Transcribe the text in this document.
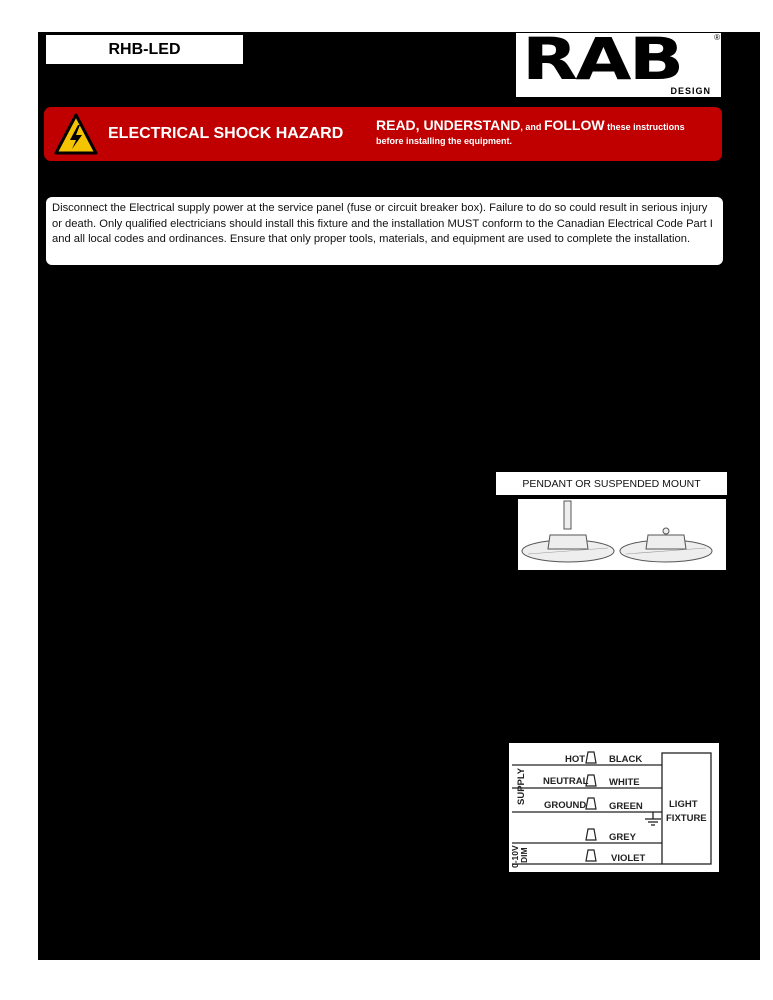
RHB-LED	RAB	®
DESIGN
ELECTRICAL SHOCK HAZARD READ, UNDERSTAND, and FOLLOW these instructions
before installing the equipment.
Disconnect the Electrical supply power at the service panel (fuse or circuit breaker box). Failure to do so could result in serious injury or death. Only qualified electricians should install this fixture and the installation MUST conform to the Canadian Electrical Code Part I and all local codes and ordinances. Ensure that only proper tools, materials, and equipment are used to complete the installation.
PENDANT OR SUSPENDED MOUNT
HOT
NEUTRAL
GROUND
BLACK
WHITE
GREEN
GREY
VIOLET
LIGHT
FIXTURE
SUPPLY
0-10V DIM
